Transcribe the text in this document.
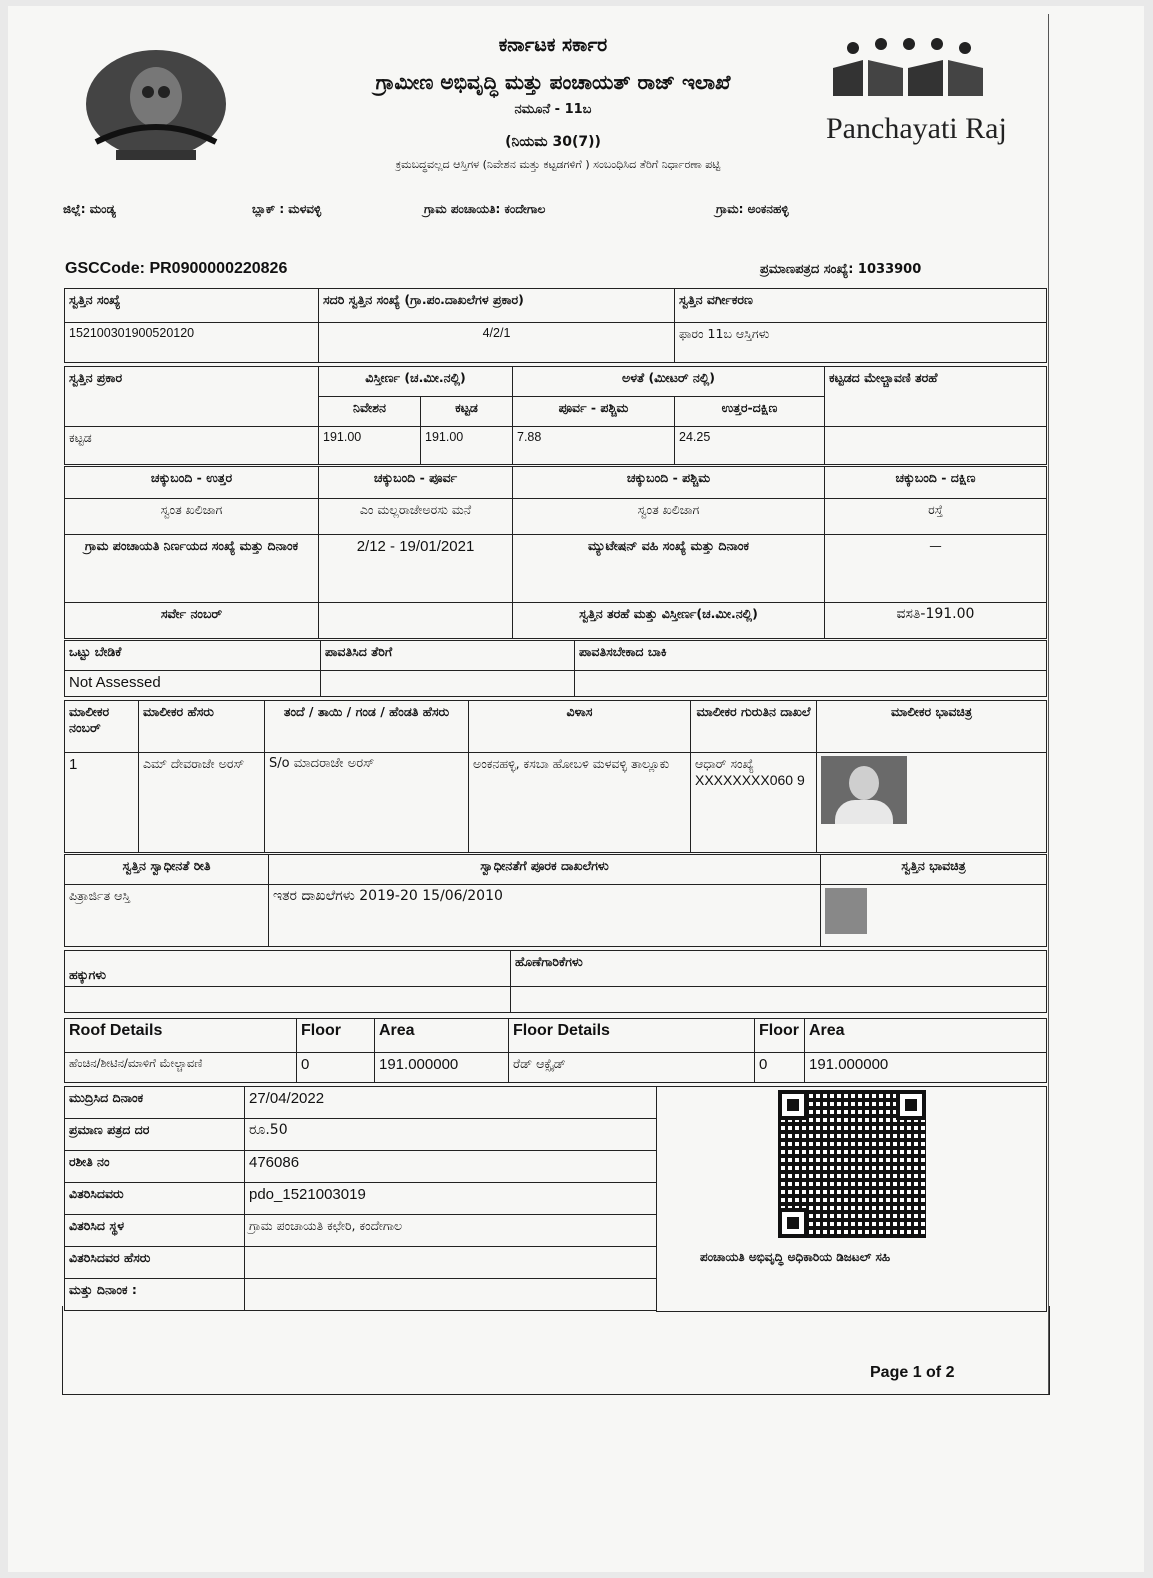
Panchayati Raj
ಕರ್ನಾಟಕ ಸರ್ಕಾರ
ಗ್ರಾಮೀಣ ಅಭಿವೃದ್ಧಿ ಮತ್ತು ಪಂಚಾಯತ್ ರಾಜ್ ಇಲಾಖೆ
ನಮೂನೆ - 11ಬ
(ನಿಯಮ 30(7))
ಕ್ರಮಬದ್ಧವಲ್ಲದ ಆಸ್ತಿಗಳ (ನಿವೇಶನ ಮತ್ತು ಕಟ್ಟಡಗಳಿಗೆ ) ಸಂಬಂಧಿಸಿದ ತೆರಿಗೆ ನಿರ್ಧಾರಣಾ ಪಟ್ಟಿ
ಜಿಲ್ಲೆ: ಮಂಡ್ಯ	ಬ್ಲಾಕ್ : ಮಳವಳ್ಳಿ	ಗ್ರಾಮ ಪಂಚಾಯತಿ: ಕಂದೇಗಾಲ	ಗ್ರಾಮ: ಅಂಕನಹಳ್ಳಿ
GSCCode: PR0900000220826	ಪ್ರಮಾಣಪತ್ರದ ಸಂಖ್ಯೆ: 1033900
ಸ್ವತ್ತಿನ ಸಂಖ್ಯೆ	ಸದರಿ ಸ್ವತ್ತಿನ ಸಂಖ್ಯೆ (ಗ್ರಾ.ಪಂ.ದಾಖಲೆಗಳ ಪ್ರಕಾರ)	ಸ್ವತ್ತಿನ ವರ್ಗೀಕರಣ
152100301900520120	4/2/1	ಫಾರಂ 11ಬ ಆಸ್ತಿಗಳು
ಸ್ವತ್ತಿನ ಪ್ರಕಾರ	ವಿಸ್ತೀರ್ಣ (ಚ.ಮೀ.ನಲ್ಲಿ)		ಅಳತೆ (ಮೀಟರ್ ನಲ್ಲಿ)		ಕಟ್ಟಡದ ಮೇಲ್ಚಾವಣಿ ತರಹೆ
	ನಿವೇಶನ	ಕಟ್ಟಡ	ಪೂರ್ವ - ಪಶ್ಚಿಮ	ಉತ್ತರ-ದಕ್ಷಿಣ	
ಕಟ್ಟಡ	191.00	191.00	7.88	24.25	
ಚಕ್ಕುಬಂದಿ - ಉತ್ತರ	ಚಕ್ಕುಬಂದಿ - ಪೂರ್ವ	ಚಕ್ಕುಬಂದಿ - ಪಶ್ಚಿಮ	ಚಕ್ಕುಬಂದಿ - ದಕ್ಷಿಣ
ಸ್ವಂತ ಖಲಿಜಾಗ	ಎಂ ಮಲ್ಲರಾಜೇಅರಸು ಮನೆ	ಸ್ವಂತ ಖಲಿಜಾಗ	ರಸ್ತೆ
ಗ್ರಾಮ ಪಂಚಾಯತಿ ನಿರ್ಣಯದ ಸಂಖ್ಯೆ ಮತ್ತು ದಿನಾಂಕ	2/12 - 19/01/2021	ಮ್ಯುಟೇಷನ್ ವಹಿ ಸಂಖ್ಯೆ ಮತ್ತು ದಿನಾಂಕ	—
ಸರ್ವೇ ನಂಬರ್		ಸ್ವತ್ತಿನ ತರಹೆ ಮತ್ತು ವಿಸ್ತೀರ್ಣ(ಚ.ಮೀ.ನಲ್ಲಿ)	ವಸತಿ-191.00
ಒಟ್ಟು ಬೇಡಿಕೆ	ಪಾವತಿಸಿದ ತೆರಿಗೆ	ಪಾವತಿಸಬೇಕಾದ ಬಾಕಿ
Not Assessed		
ಮಾಲೀಕರ ನಂಬರ್	ಮಾಲೀಕರ ಹೆಸರು	ತಂದೆ / ತಾಯಿ / ಗಂಡ / ಹೆಂಡತಿ ಹೆಸರು	ವಿಳಾಸ	ಮಾಲೀಕರ ಗುರುತಿನ ದಾಖಲೆ	ಮಾಲೀಕರ ಭಾವಚಿತ್ರ
1	ಎಮ್ ದೇವರಾಜೇ ಅರಸ್	S/o ಮಾದರಾಜೇ ಅರಸ್	ಅಂಕನಹಳ್ಳಿ, ಕಸಬಾ ಹೋಬಳಿ ಮಳವಳ್ಳಿ ತಾಲ್ಲೂಕು	ಆಧಾರ್ ಸಂಖ್ಯೆ
XXXXXXXX060 9	

ಸ್ವತ್ತಿನ ಸ್ವಾಧೀನತೆ ರೀತಿ	ಸ್ವಾಧೀನತೆಗೆ ಪೂರಕ ದಾಖಲೆಗಳು	ಸ್ವತ್ತಿನ ಭಾವಚಿತ್ರ
ಪಿತ್ರಾರ್ಜಿತ ಆಸ್ತಿ	ಇತರ ದಾಖಲೆಗಳು 2019-20 15/06/2010	
ಹಕ್ಕುಗಳು	ಹೊಣೆಗಾರಿಕೆಗಳು

Roof Details	Floor	Area	Floor Details	Floor	Area
ಹೆಂಚಿನ/ಶೀಟಿನ/ಮಾಳಿಗೆ ಮೇಲ್ಚಾವಣಿ	0	191.000000	ರೆಡ್ ಆಕ್ಸೈಡ್	0	191.000000
ಮುದ್ರಿಸಿದ ದಿನಾಂಕ	27/04/2022
ಪ್ರಮಾಣ ಪತ್ರದ ದರ	ರೂ.50
ರಶೀತಿ ನಂ	476086
ವಿತರಿಸಿದವರು	pdo_1521003019
ವಿತರಿಸಿದ ಸ್ಥಳ	ಗ್ರಾಮ ಪಂಚಾಯತಿ ಕಛೇರಿ, ಕಂದೇಗಾಲ
ವಿತರಿಸಿದವರ ಹೆಸರು	
ಮತ್ತು ದಿನಾಂಕ :	
ಪಂಚಾಯತಿ ಅಭಿವೃದ್ಧಿ ಅಧಿಕಾರಿಯ ಡಿಜಟಲ್ ಸಹಿ
Page 1 of 2
